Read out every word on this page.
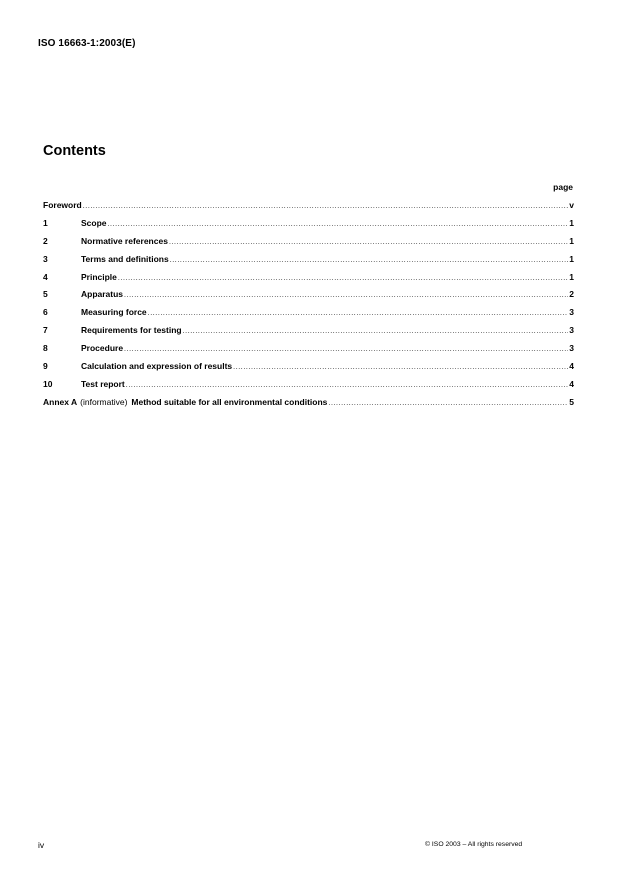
ISO 16663-1:2003(E)
Contents
page
Foreword .....	v
1	Scope .....	1
2	Normative references .....	1
3	Terms and definitions .....	1
4	Principle .....	1
5	Apparatus .....	2
6	Measuring force .....	3
7	Requirements for testing .....	3
8	Procedure .....	3
9	Calculation and expression of results .....	4
10	Test report .....	4
Annex A (informative) Method suitable for all environmental conditions .....	5
iv	© ISO 2003 – All rights reserved
